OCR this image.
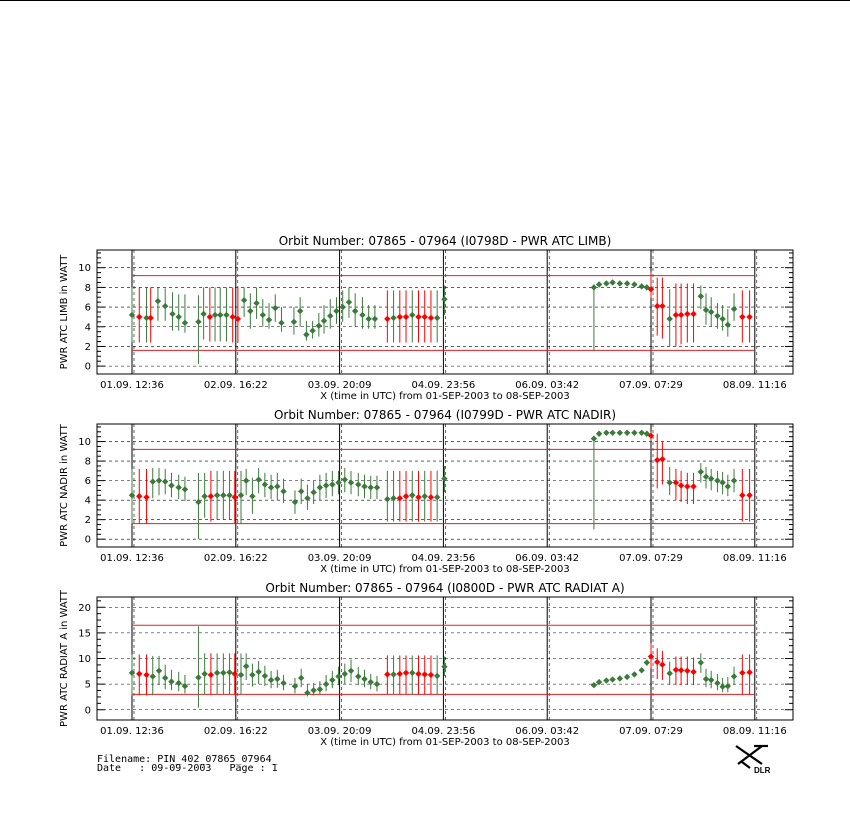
Orbit Number: 07865 - 07964 (I0798D - PWR ATC LIMB)
0
2
4
6
8
10
PWR ATC LIMB in WATT
01.09. 12:36	02.09. 16:22	03.09. 20:09	04.09. 23:56	06.09. 03:42	07.09. 07:29	08.09. 11:16
X (time in UTC) from 01-SEP-2003 to 08-SEP-2003
Orbit Number: 07865 - 07964 (I0799D - PWR ATC NADIR)
0
2
4
6
8
10
PWR ATC NADIR in WATT
01.09. 12:36	02.09. 16:22	03.09. 20:09	04.09. 23:56	06.09. 03:42	07.09. 07:29	08.09. 11:16
X (time in UTC) from 01-SEP-2003 to 08-SEP-2003
Orbit Number: 07865 - 07964 (I0800D - PWR ATC RADIAT A)
0
5
10
15
20
PWR ATC RADIAT A in WATT
01.09. 12:36	02.09. 16:22	03.09. 20:09	04.09. 23:56	06.09. 03:42	07.09. 07:29	08.09. 11:16
X (time in UTC) from 01-SEP-2003 to 08-SEP-2003
Filename: PIN_402_07865_07964_
Date : 09-09-2003 Page : 1	DLR
